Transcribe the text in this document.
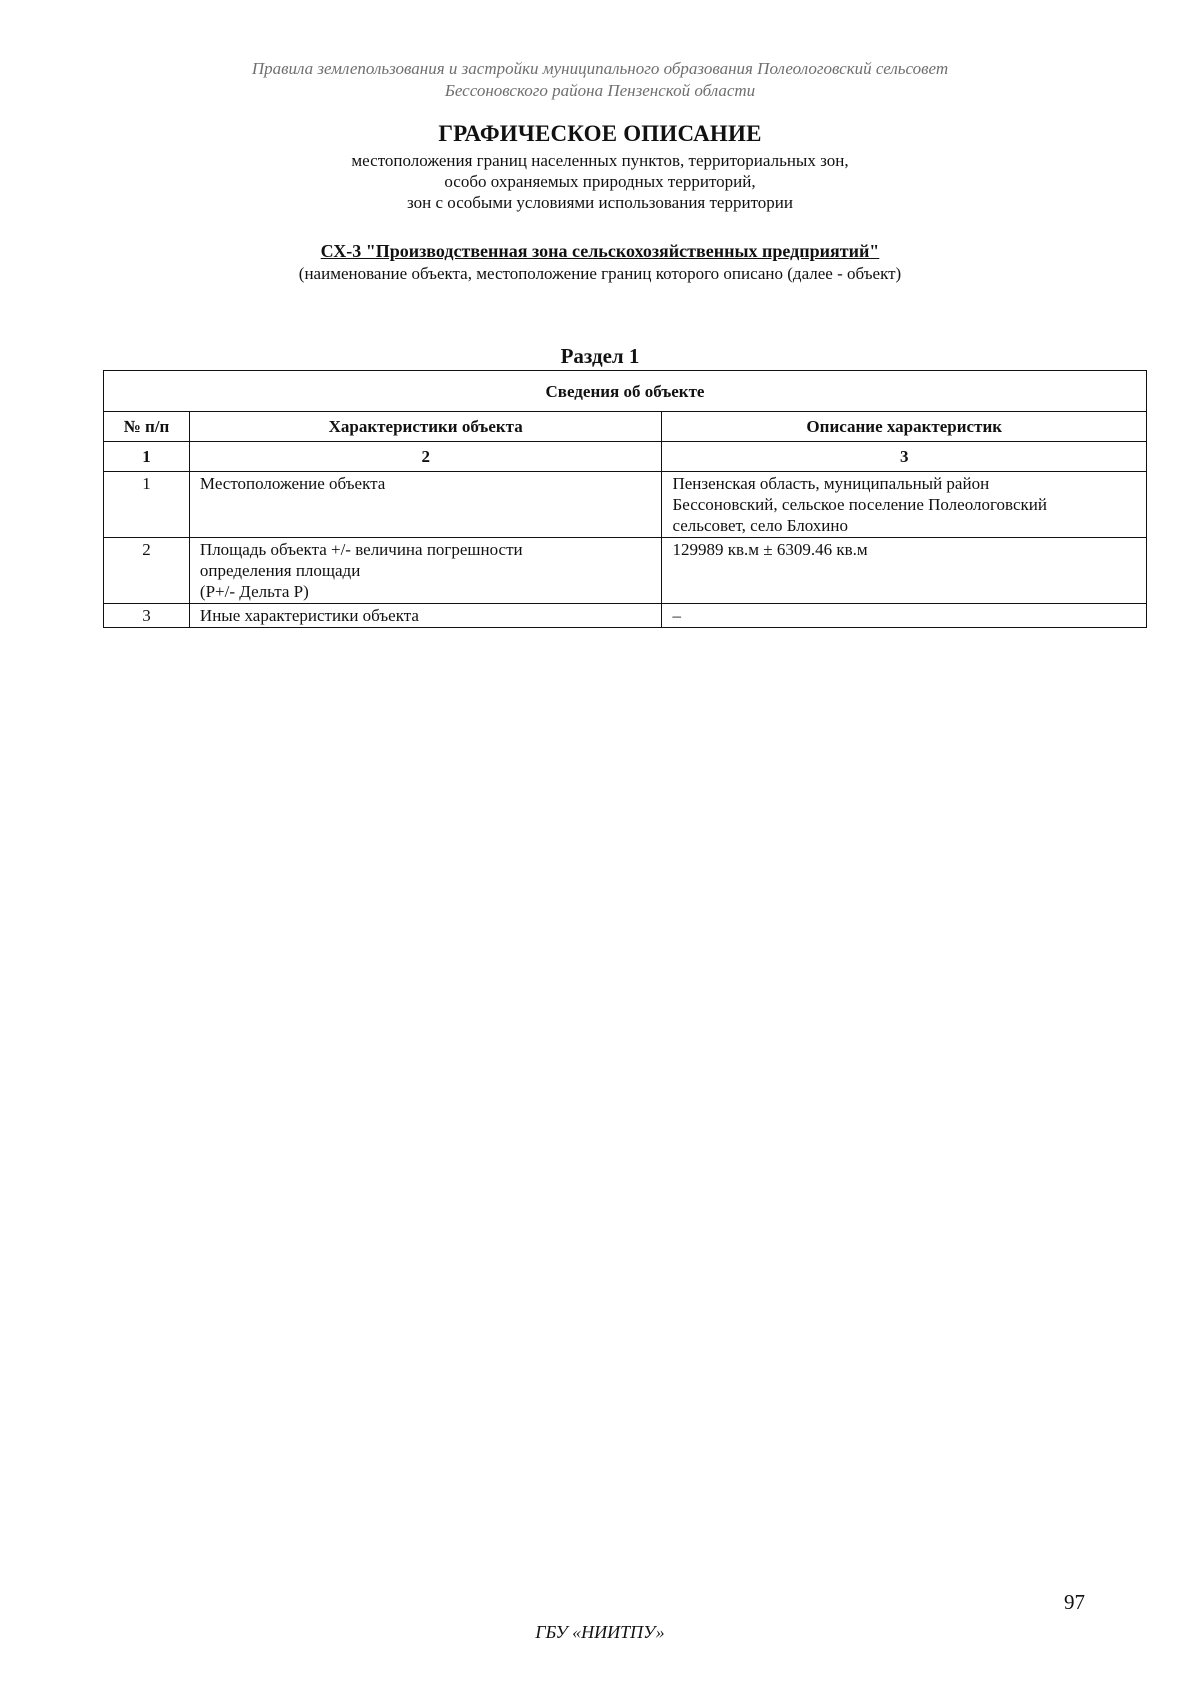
Правила землепользования и застройки муниципального образования Полеологовский сельсовет
Бессоновского района Пензенской области
ГРАФИЧЕСКОЕ ОПИСАНИЕ
местоположения границ населенных пунктов, территориальных зон,
особо охраняемых природных территорий,
зон с особыми условиями использования территории
СХ-3 "Производственная зона сельскохозяйственных предприятий"
(наименование объекта, местоположение границ которого описано (далее - объект)
Раздел 1
Сведения об объекте		
№ п/п	Характеристики объекта	Описание характеристик
1	2	3
1	Местоположение объекта	Пензенская область, муниципальный район
Бессоновский, сельское поселение Полеологовский
сельсовет, село Блохино

2	Площадь объекта +/- величина погрешности
определения площади
(P+/- Дельта P)	129989 кв.м ± 6309.46 кв.м

3	Иные характеристики объекта	–
97
ГБУ «НИИТПУ»
